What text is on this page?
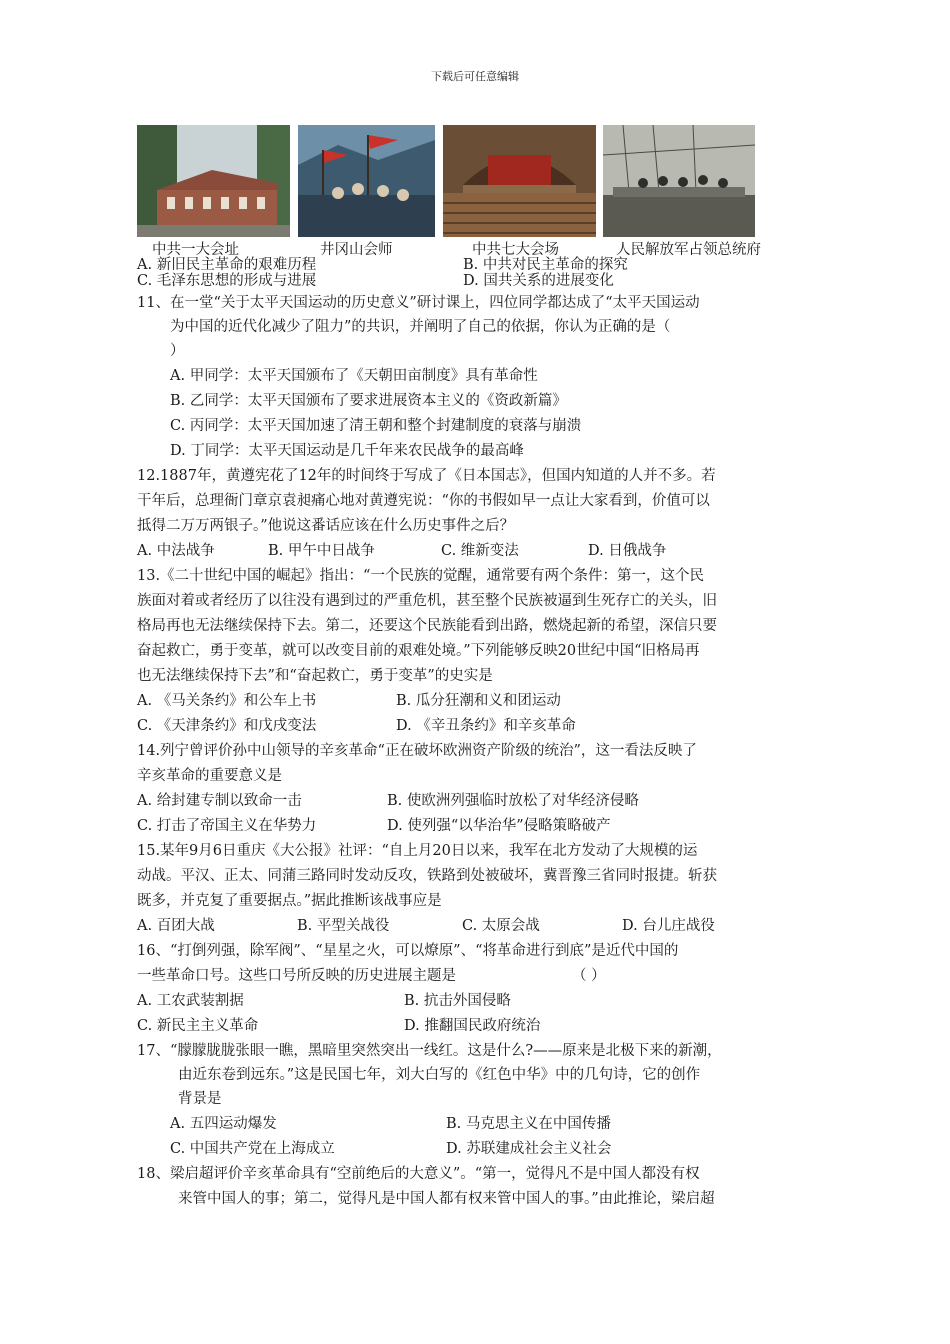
下载后可任意编辑
中共一大会址	井冈山会师	中共七大会场	人民解放军占领总统府
A. 新旧民主革命的艰难历程	B. 中共对民主革命的探究
C. 毛泽东思想的形成与进展	D. 国共关系的进展变化
11、在一堂“关于太平天国运动的历史意义”研讨课上，四位同学都达成了“太平天国运动
为中国的近代化减少了阻力”的共识，并阐明了自己的依据，你认为正确的是（
）
A. 甲同学：太平天国颁布了《天朝田亩制度》具有革命性
B. 乙同学：太平天国颁布了要求进展资本主义的《资政新篇》
C. 丙同学：太平天国加速了清王朝和整个封建制度的衰落与崩溃
D. 丁同学：太平天国运动是几千年来农民战争的最高峰
12.1887年，黄遵宪花了12年的时间终于写成了《日本国志》，但国内知道的人并不多。若
干年后，总理衙门章京袁昶痛心地对黄遵宪说：“你的书假如早一点让大家看到，价值可以
抵得二万万两银子。”他说这番话应该在什么历史事件之后？
A. 中法战争	B. 甲午中日战争	C. 维新变法	D. 日俄战争
13.《二十世纪中国的崛起》指出：“一个民族的觉醒，通常要有两个条件：第一，这个民
族面对着或者经历了以往没有遇到过的严重危机，甚至整个民族被逼到生死存亡的关头，旧
格局再也无法继续保持下去。第二，还要这个民族能看到出路，燃烧起新的希望，深信只要
奋起救亡，勇于变革，就可以改变目前的艰难处境。”下列能够反映20世纪中国“旧格局再
也无法继续保持下去”和“奋起救亡，勇于变革”的史实是
A. 《马关条约》和公车上书	B. 瓜分狂潮和义和团运动
C. 《天津条约》和戊戌变法	D. 《辛丑条约》和辛亥革命
14.列宁曾评价孙中山领导的辛亥革命“正在破坏欧洲资产阶级的统治”，这一看法反映了
辛亥革命的重要意义是
A. 给封建专制以致命一击	B. 使欧洲列强临时放松了对华经济侵略
C. 打击了帝国主义在华势力	D. 使列强“以华治华”侵略策略破产
15.某年9月6日重庆《大公报》社评：“自上月20日以来，我军在北方发动了大规模的运
动战。平汉、正太、同蒲三路同时发动反攻，铁路到处被破坏，冀晋豫三省同时报捷。斩获
既多，并克复了重要据点。”据此推断该战事应是
A. 百团大战	B. 平型关战役	C. 太原会战	D. 台儿庄战役
16、“打倒列强，除军阀”、“星星之火，可以燎原”、“将革命进行到底”是近代中国的
一些革命口号。这些口号所反映的历史进展主题是	（ ）
A. 工农武装割据	B. 抗击外国侵略
C. 新民主主义革命	D. 推翻国民政府统治
17、“朦朦胧胧张眼一瞧，黑暗里突然突出一线红。这是什么?——原来是北极下来的新潮，
由近东卷到远东。”这是民国七年，刘大白写的《红色中华》中的几句诗，它的创作
背景是
A. 五四运动爆发	B. 马克思主义在中国传播
C. 中国共产党在上海成立	D. 苏联建成社会主义社会
18、梁启超评价辛亥革命具有“空前绝后的大意义”。“第一，觉得凡不是中国人都没有权
来管中国人的事；第二，觉得凡是中国人都有权来管中国人的事。”由此推论，梁启超
